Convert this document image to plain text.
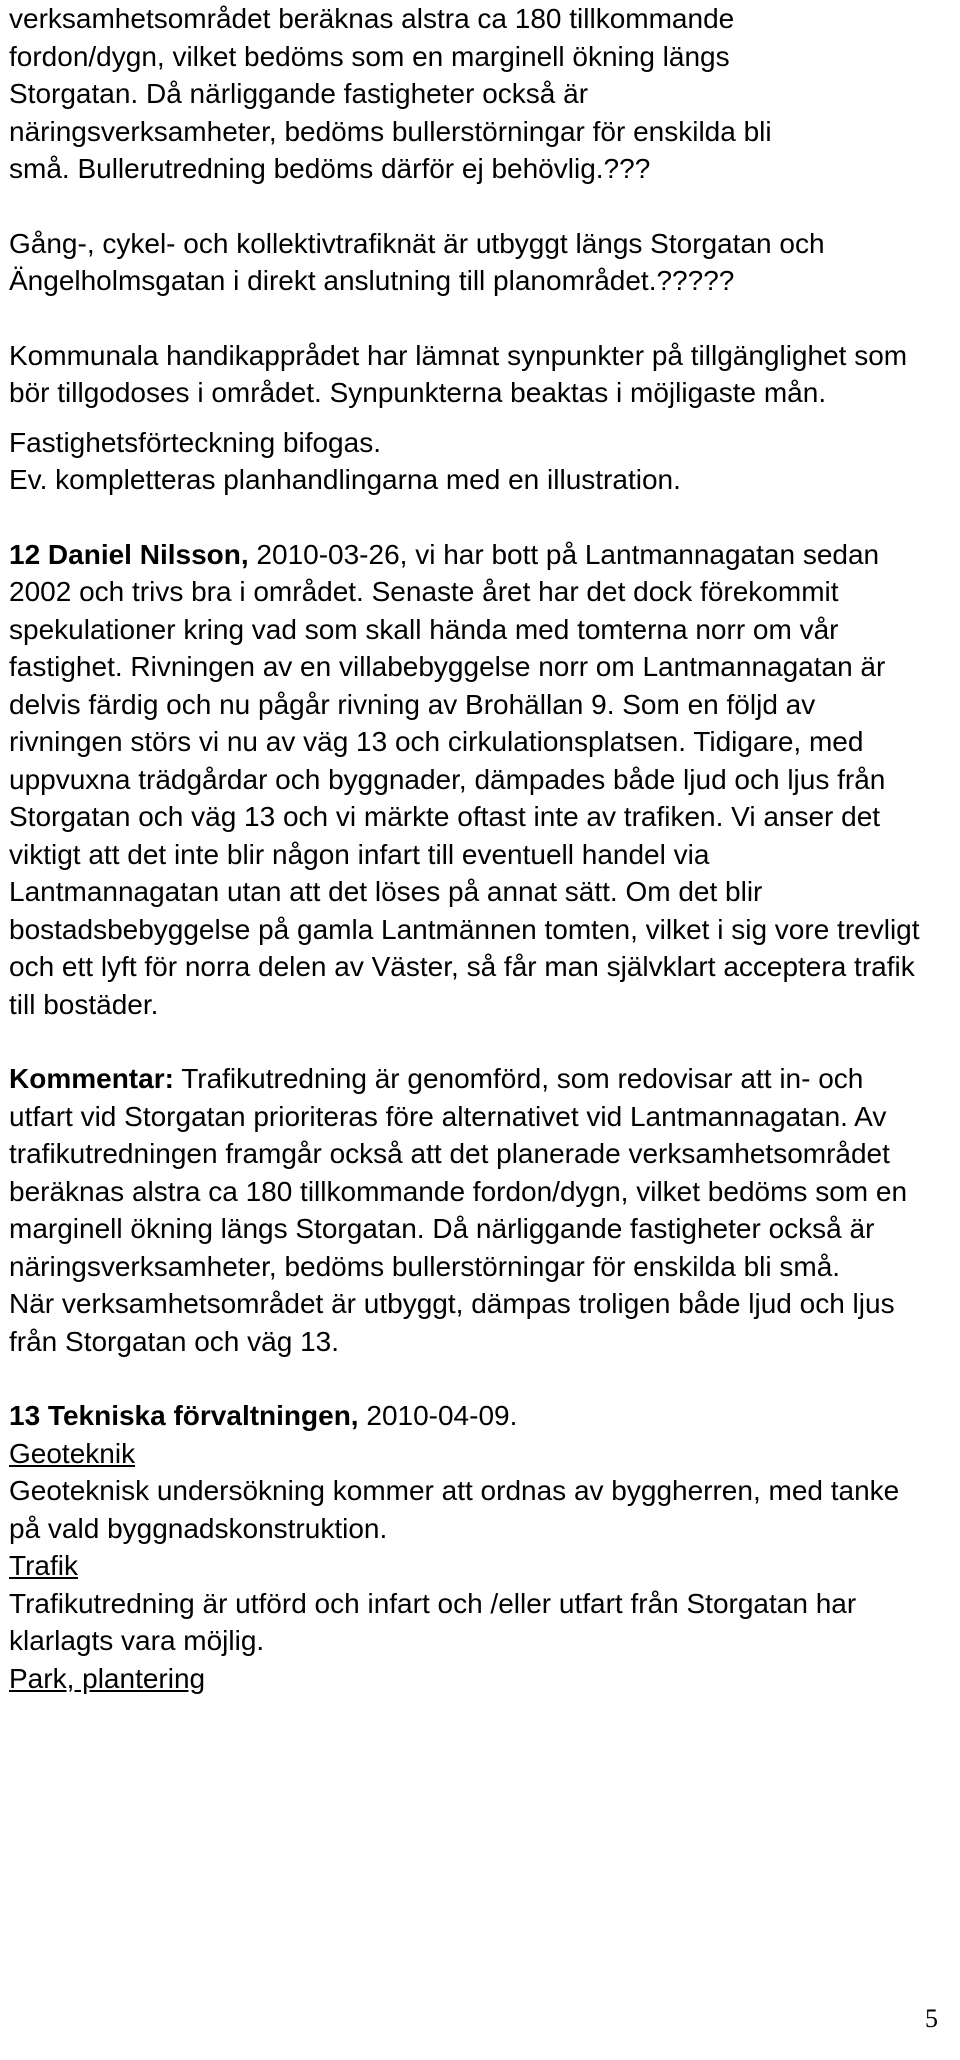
verksamhetsområdet beräknas alstra ca 180 tillkommande
fordon/dygn, vilket bedöms som en marginell ökning längs
Storgatan. Då närliggande fastigheter också är
näringsverksamheter, bedöms bullerstörningar för enskilda bli
små. Bullerutredning bedöms därför ej behövlig.???

Gång-, cykel- och kollektivtrafiknät är utbyggt längs Storgatan och Ängelholmsgatan i direkt anslutning till planområdet.?????

Kommunala handikapprådet har lämnat synpunkter på tillgänglighet som bör tillgodoses i området. Synpunkterna beaktas i möjligaste mån.

Fastighetsförteckning bifogas.

Ev. kompletteras planhandlingarna med en illustration.

12 Daniel Nilsson, 2010-03-26, vi har bott på Lantmannagatan sedan 2002 och trivs bra i området. Senaste året har det dock förekommit spekulationer kring vad som skall hända med tomterna norr om vår fastighet. Rivningen av en villabebyggelse norr om Lantmannagatan är delvis färdig och nu pågår rivning av Brohällan 9. Som en följd av rivningen störs vi nu av väg 13 och cirkulationsplatsen. Tidigare, med uppvuxna trädgårdar och byggnader, dämpades både ljud och ljus från Storgatan och väg 13 och vi märkte oftast inte av trafiken. Vi anser det viktigt att det inte blir någon infart till eventuell handel via Lantmannagatan utan att det löses på annat sätt. Om det blir bostadsbebyggelse på gamla Lantmännen tomten, vilket i sig vore trevligt och ett lyft för norra delen av Väster, så får man självklart acceptera trafik till bostäder.

Kommentar: Trafikutredning är genomförd, som redovisar att in- och utfart vid Storgatan prioriteras före alternativet vid Lantmannagatan. Av trafikutredningen framgår också att det planerade verksamhetsområdet beräknas alstra ca 180 tillkommande fordon/dygn, vilket bedöms som en marginell ökning längs Storgatan. Då närliggande fastigheter också är näringsverksamheter, bedöms bullerstörningar för enskilda bli små.

När verksamhetsområdet är utbyggt, dämpas troligen både ljud och ljus från Storgatan och väg 13.

13 Tekniska förvaltningen, 2010-04-09.

Geoteknik

Geoteknisk undersökning kommer att ordnas av byggherren, med tanke på vald byggnadskonstruktion.

Trafik

Trafikutredning är utförd och infart och /eller utfart från Storgatan har klarlagts vara möjlig.

Park, plantering

5
